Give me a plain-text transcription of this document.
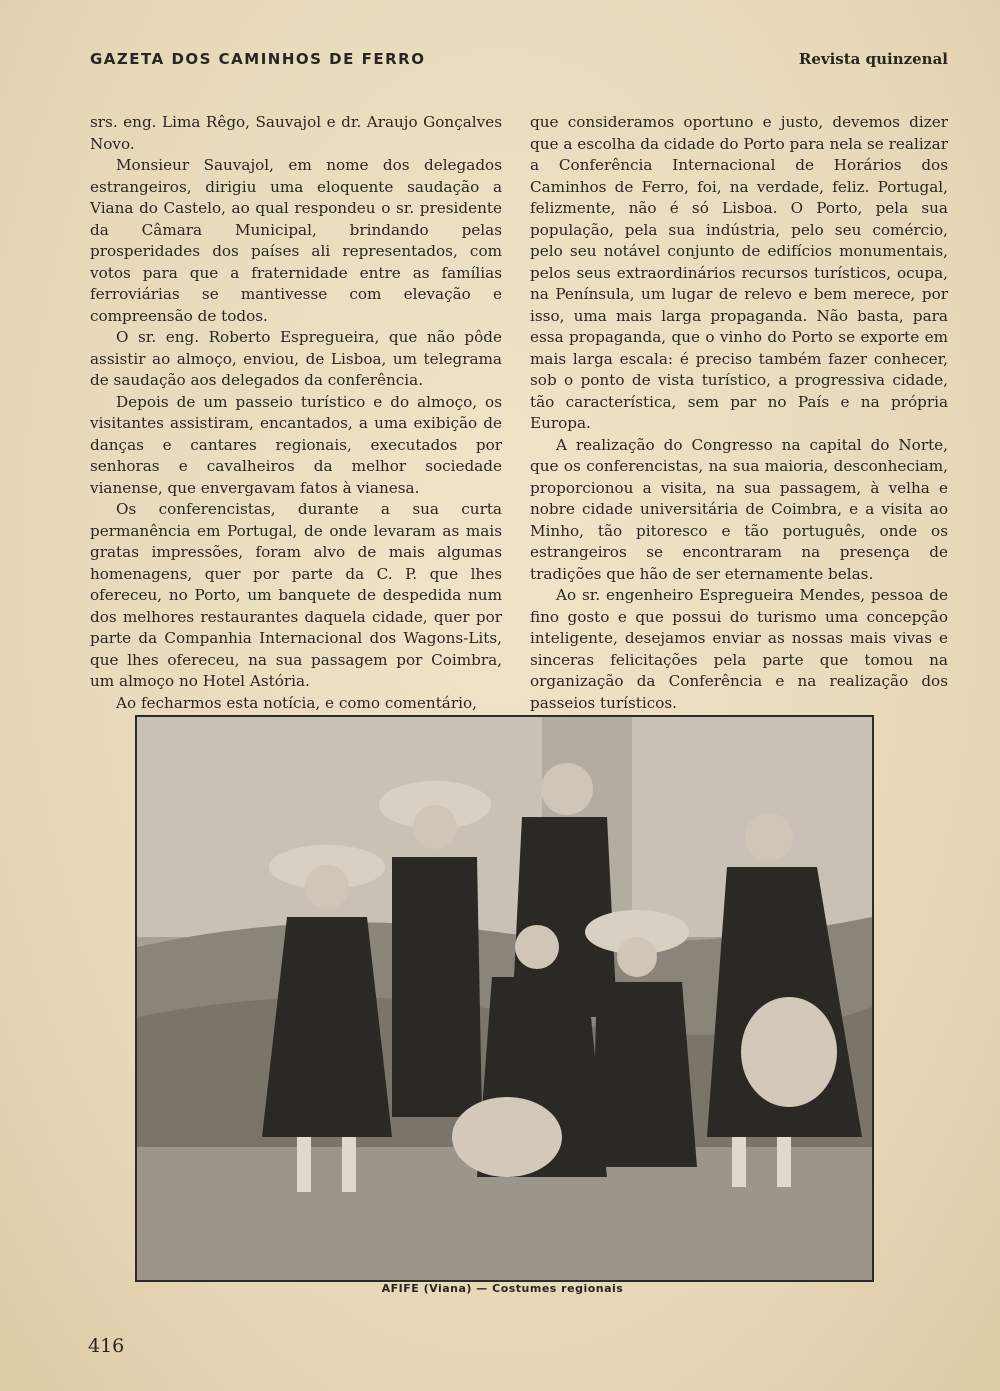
GAZETA DOS CAMINHOS DE FERRO	Revista quinzenal

srs. eng. Lima Rêgo, Sauvajol e dr. Araujo Gonçalves Novo.

Monsieur Sauvajol, em nome dos delegados estrangeiros, dirigiu uma eloquente saudação a Viana do Castelo, ao qual respondeu o sr. presidente da Câmara Municipal, brindando pelas prosperidades dos países ali representados, com votos para que a fraternidade entre as famílias ferroviárias se mantivesse com elevação e compreensão de todos.

O sr. eng. Roberto Espregueira, que não pôde assistir ao almoço, enviou, de Lisboa, um telegrama de saudação aos delegados da conferência.

Depois de um passeio turístico e do almoço, os visitantes assistiram, encantados, a uma exibição de danças e cantares regionais, executados por senhoras e cavalheiros da melhor sociedade vianense, que envergavam fatos à vianesa.

Os conferencistas, durante a sua curta permanência em Portugal, de onde levaram as mais gratas impressões, foram alvo de mais algumas homenagens, quer por parte da C. P. que lhes ofereceu, no Porto, um banquete de despedida num dos melhores restaurantes daquela cidade, quer por parte da Companhia Internacional dos Wagons-Lits, que lhes ofereceu, na sua passagem por Coimbra, um almoço no Hotel Astória.

Ao fecharmos esta notícia, e como comentário,

que consideramos oportuno e justo, devemos dizer que a escolha da cidade do Porto para nela se realizar a Conferência Internacional de Horários dos Caminhos de Ferro, foi, na verdade, feliz. Portugal, felizmente, não é só Lisboa. O Porto, pela sua população, pela sua indústria, pelo seu comércio, pelo seu notável conjunto de edifícios monumentais, pelos seus extraordinários recursos turísticos, ocupa, na Península, um lugar de relevo e bem merece, por isso, uma mais larga propaganda. Não basta, para essa propaganda, que o vinho do Porto se exporte em mais larga escala: é preciso também fazer conhecer, sob o ponto de vista turístico, a progressiva cidade, tão característica, sem par no País e na própria Europa.

A realização do Congresso na capital do Norte, que os conferencistas, na sua maioria, desconheciam, proporcionou a visita, na sua passagem, à velha e nobre cidade universitária de Coimbra, e a visita ao Minho, tão pitoresco e tão português, onde os estrangeiros se encontraram na presença de tradições que hão de ser eternamente belas.

Ao sr. engenheiro Espregueira Mendes, pessoa de fino gosto e que possui do turismo uma concepção inteligente, desejamos enviar as nossas mais vivas e sinceras felicitações pela parte que tomou na organização da Conferência e na realização dos passeios turísticos.

AFIFE (Viana) — Costumes regionais
416
